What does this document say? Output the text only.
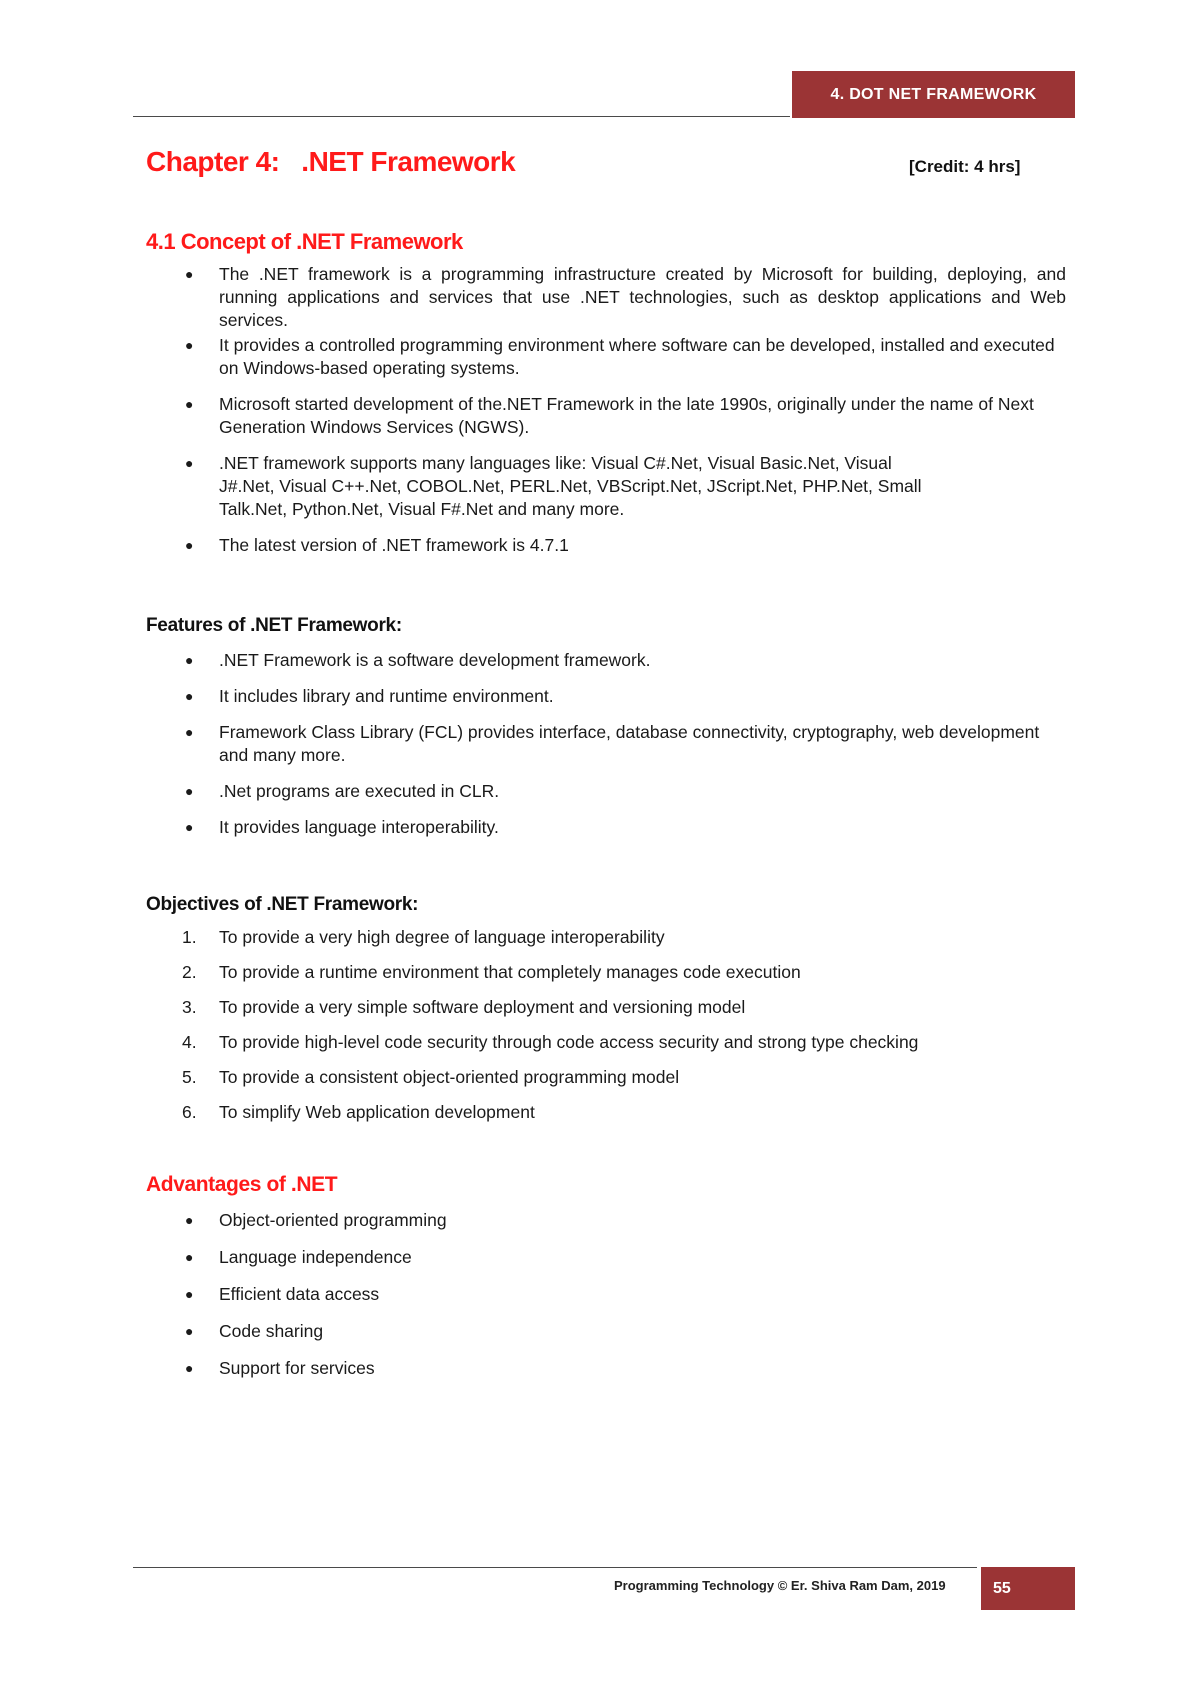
4. DOT NET FRAMEWORK
Chapter 4:   .NET Framework	[Credit: 4 hrs]
4.1 Concept of .NET Framework
● The .NET framework is a programming infrastructure created by Microsoft for building, deploying, and running applications and services that use .NET technologies, such as desktop applications and Web services.
● It provides a controlled programming environment where software can be developed, installed and executed on Windows-based operating systems.
● Microsoft started development of the.NET Framework in the late 1990s, originally under the name of Next Generation Windows Services (NGWS).
● .NET framework supports many languages like: Visual C#.Net, Visual Basic.Net, Visual J#.Net, Visual C++.Net, COBOL.Net, PERL.Net, VBScript.Net, JScript.Net, PHP.Net, Small Talk.Net, Python.Net, Visual F#.Net and many more.
● The latest version of .NET framework is 4.7.1
Features of .NET Framework:
● .NET Framework is a software development framework.
● It includes library and runtime environment.
● Framework Class Library (FCL) provides interface, database connectivity, cryptography, web development and many more.
● .Net programs are executed in CLR.
● It provides language interoperability.
Objectives of .NET Framework:
1. To provide a very high degree of language interoperability
2. To provide a runtime environment that completely manages code execution
3. To provide a very simple software deployment and versioning model
4. To provide high-level code security through code access security and strong type checking
5. To provide a consistent object-oriented programming model
6. To simplify Web application development
Advantages of .NET
● Object-oriented programming
● Language independence
● Efficient data access
● Code sharing
● Support for services
Programming Technology © Er. Shiva Ram Dam, 2019	55
